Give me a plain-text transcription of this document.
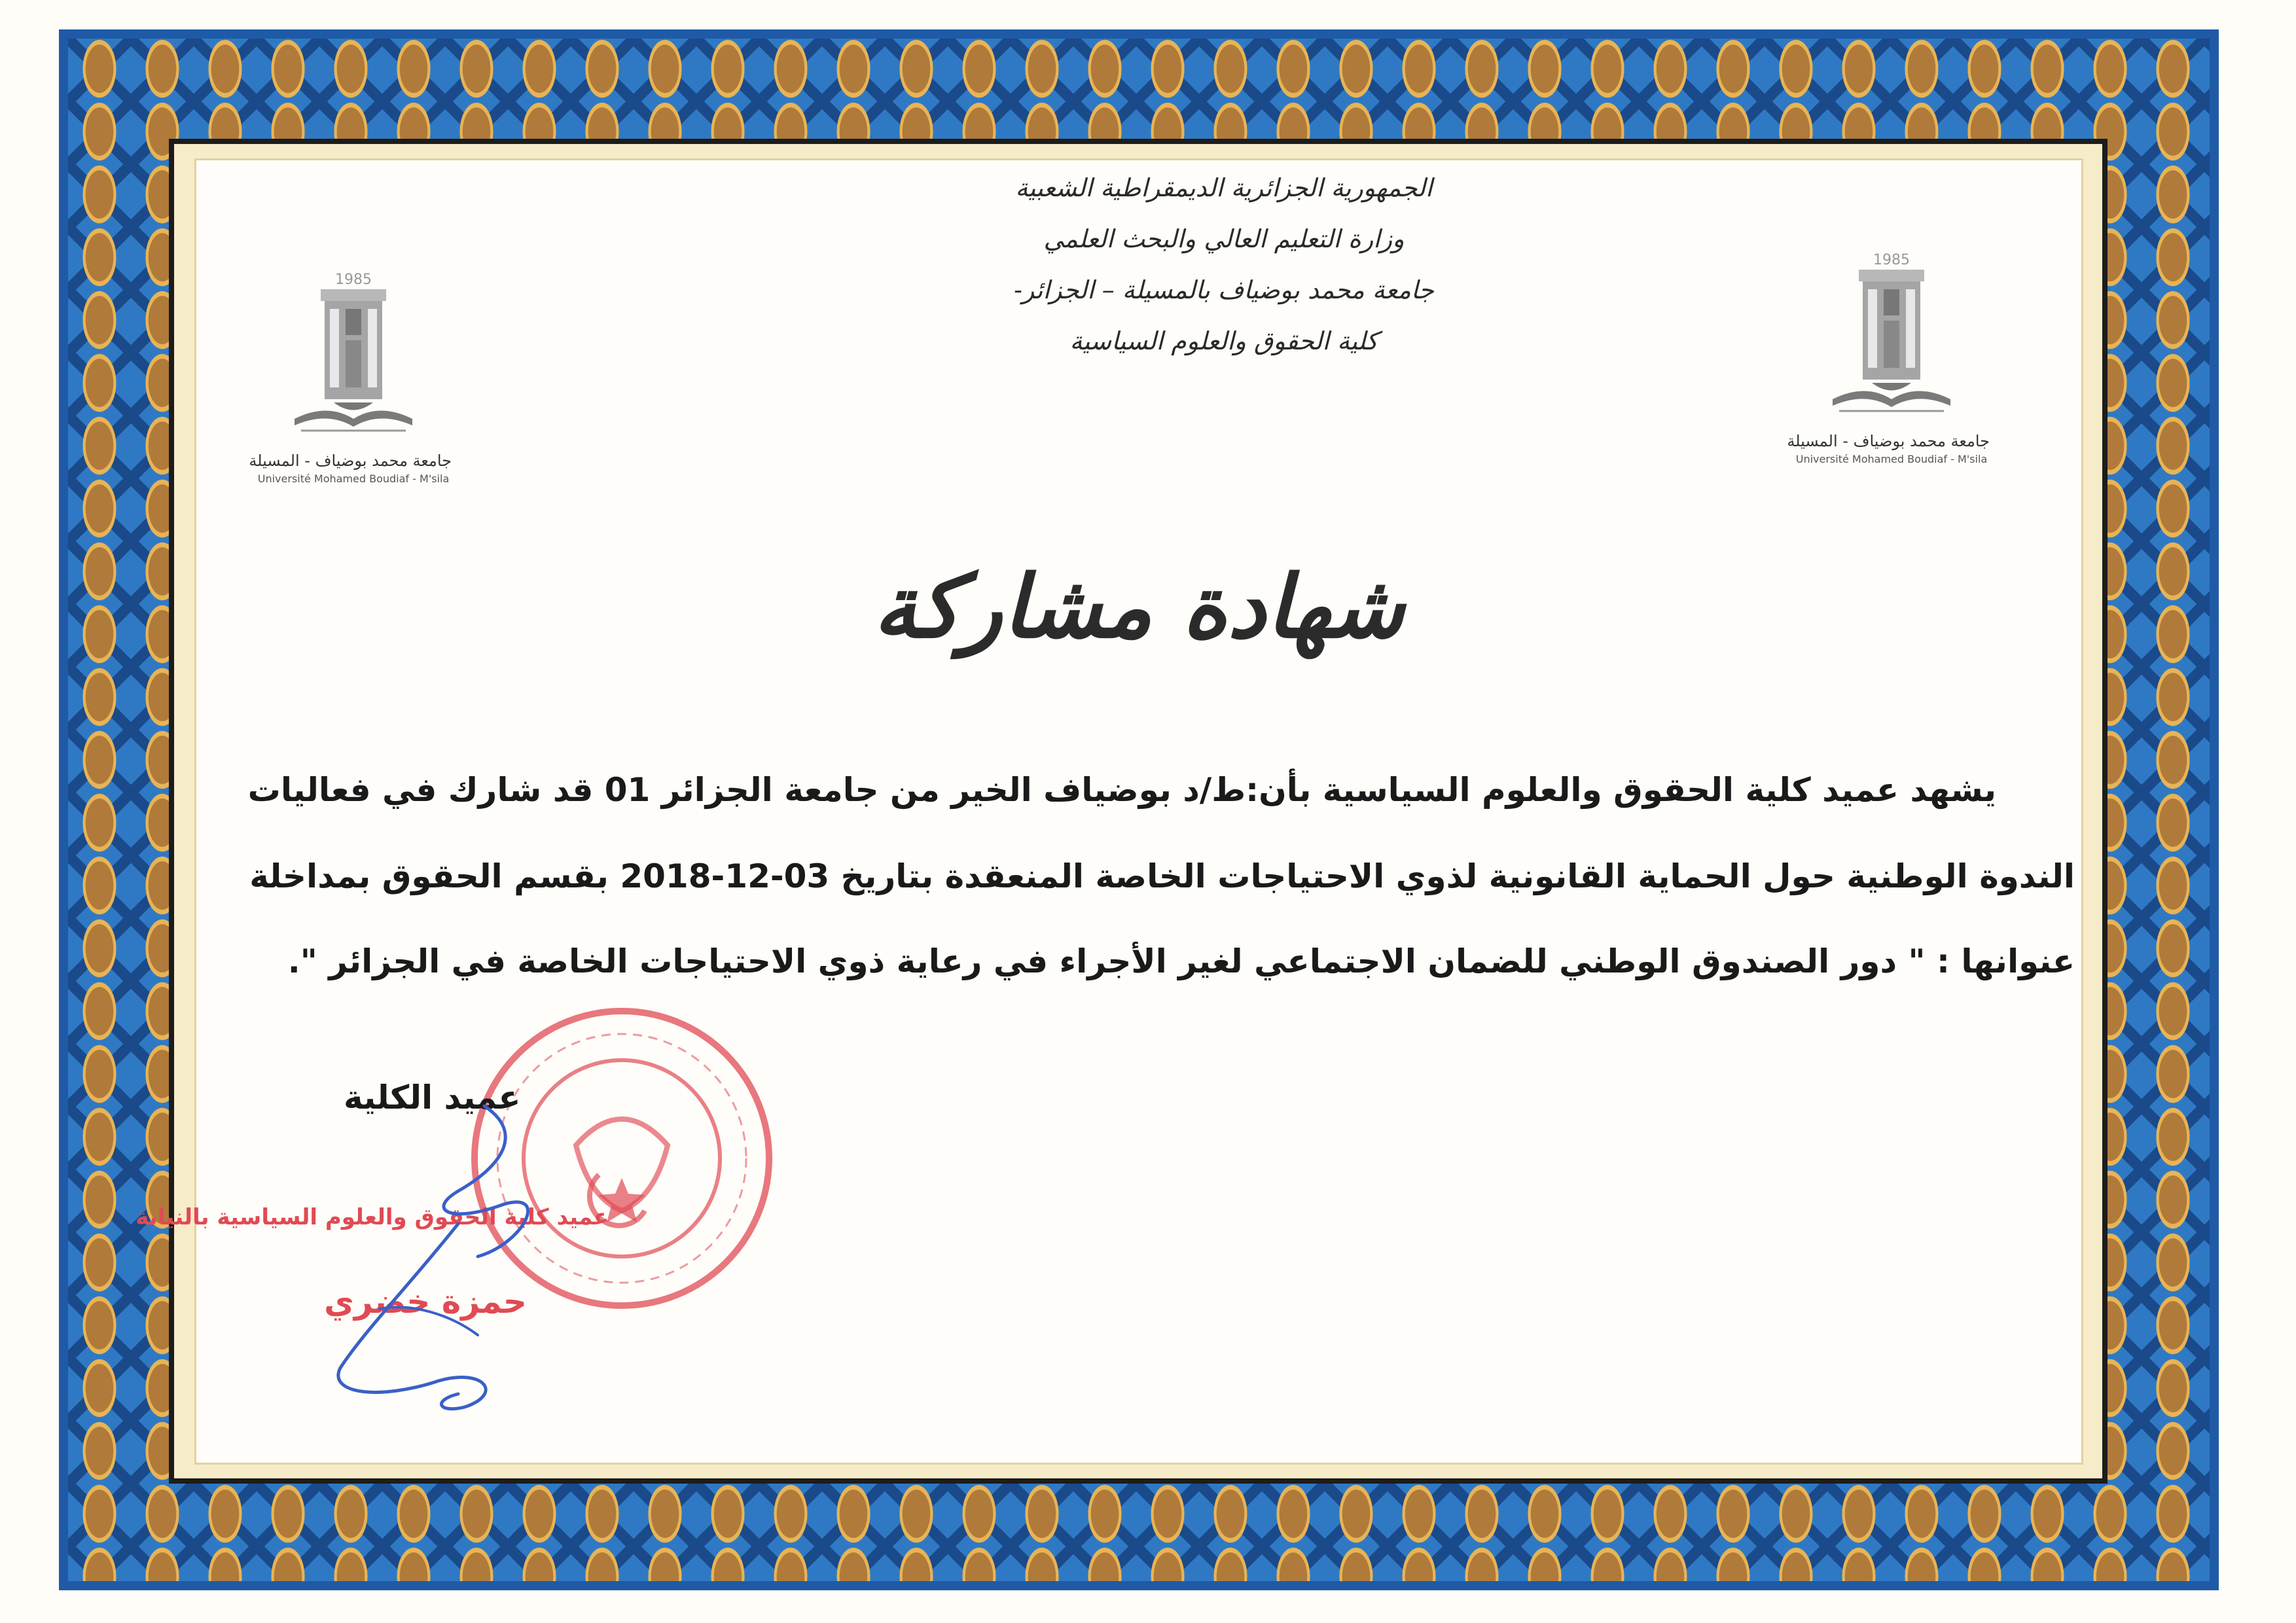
الجمهورية الجزائرية الديمقراطية الشعبية
وزارة التعليم العالي والبحث العلمي
جامعة محمد بوضياف بالمسيلة – الجزائر-
كلية الحقوق والعلوم السياسية
1985
جامعة محمد بوضياف - المسيلة
Université Mohamed Boudiaf - M'sila
1985
جامعة محمد بوضياف - المسيلة
Université Mohamed Boudiaf - M'sila
شهادة مشاركة
يشهد عميد كلية الحقوق والعلوم السياسية بأن:ط/د بوضياف الخير من جامعة الجزائر 01 قد شارك في فعاليات
الندوة الوطنية حول الحماية القانونية لذوي الاحتياجات الخاصة المنعقدة بتاريخ 03-12-2018 بقسم الحقوق بمداخلة
عنوانها : " دور الصندوق الوطني للضمان الاجتماعي لغير الأجراء في رعاية ذوي الاحتياجات الخاصة في الجزائر ".
عميد الكلية
عميد كلية الحقوق والعلوم السياسية بالنيابة
حمزة خضري
